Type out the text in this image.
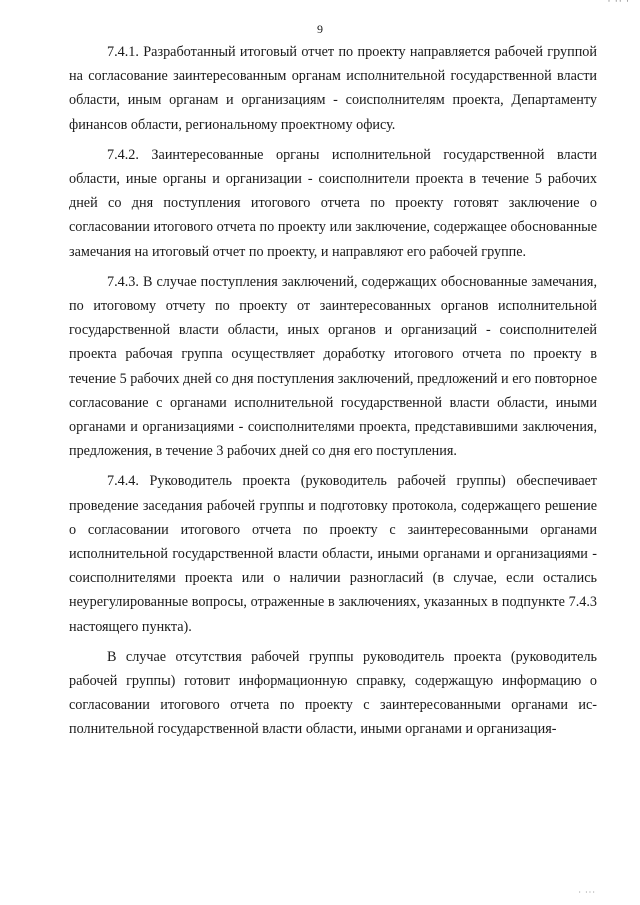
· ·· ·
9

7.4.1. Разработанный итоговый отчет по проекту направляется рабочей группой на согласование заинтересованным органам исполнительной государственной власти области, иным органам и организациям - соисполнителям проекта, Департаменту финансов области, региональному проектному офису.

7.4.2. Заинтересованные органы исполнительной государственной власти области, иные органы и организации - соисполнители проекта в течение 5 рабочих дней со дня поступления итогового отчета по проекту готовят заключение о согласовании итогового отчета по проекту или заключение, содержащее обоснованные замечания на итоговый отчет по проекту, и направляют его рабочей группе.

7.4.3. В случае поступления заключений, содержащих обоснованные замечания, по итоговому отчету по проекту от заинтересованных органов исполнительной государственной власти области, иных органов и организаций - соисполнителей проекта рабочая группа осуществляет доработку итогового отчета по проекту в течение 5 рабочих дней со дня поступления заключений, предложений и его повторное согласование с органами исполнительной государственной власти области, иными органами и организациями - соисполнителями проекта, представившими заключения, предложения, в течение 3 рабочих дней со дня его поступления.

7.4.4. Руководитель проекта (руководитель рабочей группы) обеспечивает проведение заседания рабочей группы и подготовку протокола, содержащего решение о согласовании итогового отчета по проекту с заинтересованными органами исполнительной государственной власти области, иными органами и организациями - соисполнителями проекта или о наличии разногласий (в случае, если остались неурегулированные вопросы, отраженные в заключениях, указанных в подпункте 7.4.3 настоящего пункта).

В случае отсутствия рабочей группы руководитель проекта (руководитель рабочей группы) готовит информационную справку, содержащую информацию о согласовании итогового отчета по проекту с заинтересованными органами исполнительной государственной власти области, иными органами и организация-

· ···
